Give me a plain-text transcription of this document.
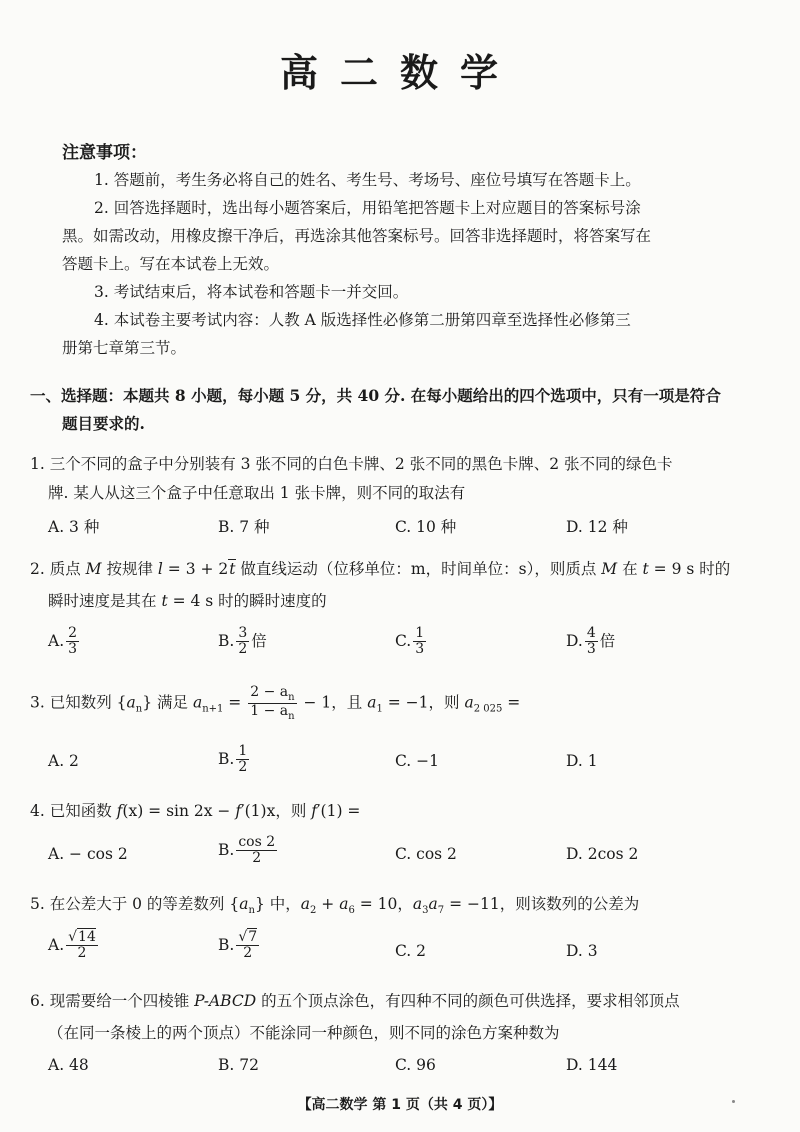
高二数学
注意事项：
1. 答题前，考生务必将自己的姓名、考生号、考场号、座位号填写在答题卡上。
2. 回答选择题时，选出每小题答案后，用铅笔把答题卡上对应题目的答案标号涂
黑。如需改动，用橡皮擦干净后，再选涂其他答案标号。回答非选择题时，将答案写在
答题卡上。写在本试卷上无效。
3. 考试结束后，将本试卷和答题卡一并交回。
4. 本试卷主要考试内容：人教 A 版选择性必修第二册第四章至选择性必修第三
册第七章第三节。
一、选择题：本题共 8 小题，每小题 5 分，共 40 分. 在每小题给出的四个选项中，只有一项是符合
题目要求的.
1. 三个不同的盒子中分别装有 3 张不同的白色卡牌、2 张不同的黑色卡牌、2 张不同的绿色卡
牌. 某人从这三个盒子中任意取出 1 张卡牌，则不同的取法有
A. 3 种	B. 7 种	C. 10 种	D. 12 种
2. 质点 M 按规律 l = 3 + 2t 做直线运动（位移单位：m，时间单位：s），则质点 M 在 t = 9 s 时的
瞬时速度是其在 t = 4 s 时的瞬时速度的
A. $\frac{2}{3}$	B. $\frac{3}{2}$ 倍	C. $\frac{1}{3}$	D. $\frac{4}{3}$ 倍
3. 已知数列 $\{a_n\}$ 满足 $a_{n+1} = \frac{2 - a_n}{1 - a_n} - 1$，且 $a_1 = -1$，则 $a_{2 025}$ =
A. 2	B. $\frac{1}{2}$	C. −1	D. 1
4. 已知函数 f(x) = sin 2x − f′(1)x，则 f′(1) =
A. − cos 2	B. $\frac{\cos 2}{2}$	C. cos 2	D. 2cos 2
5. 在公差大于 0 的等差数列 $\{a_n\}$ 中，$a_2 + a_6 = 10$，$a_3a_7 = -11$，则该数列的公差为
A. $\frac{√14}{2}$	B. $\frac{√7}{2}$	C. 2	D. 3
6. 现需要给一个四棱锥 P-ABCD 的五个顶点涂色，有四种不同的颜色可供选择，要求相邻顶点
（在同一条棱上的两个顶点）不能涂同一种颜色，则不同的涂色方案种数为
A. 48	B. 72	C. 96	D. 144
【高二数学 第 1 页（共 4 页）】
